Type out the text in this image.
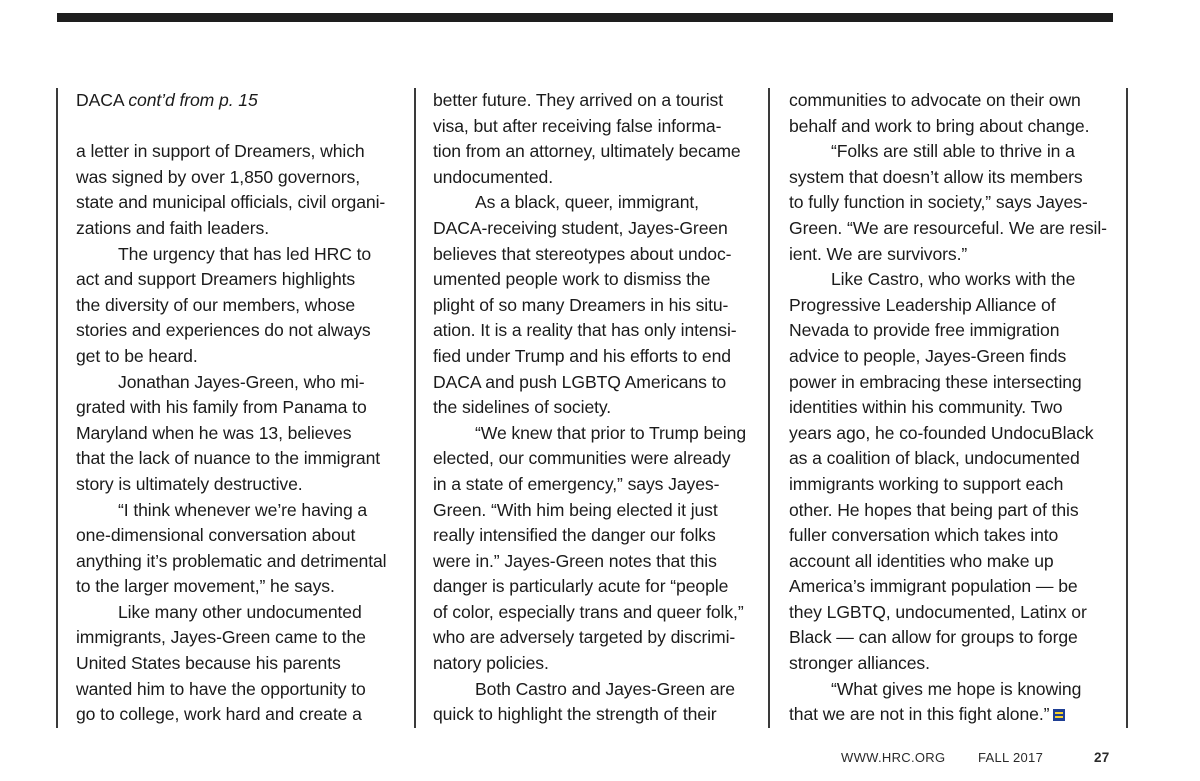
DACA cont’d from p. 15

a letter in support of Dreamers, which
was signed by over 1,850 governors,
state and municipal officials, civil organi-
zations and faith leaders.

The urgency that has led HRC to
act and support Dreamers highlights
the diversity of our members, whose
stories and experiences do not always
get to be heard.

Jonathan Jayes-Green, who mi-
grated with his family from Panama to
Maryland when he was 13, believes
that the lack of nuance to the immigrant
story is ultimately destructive.

“I think whenever we’re having a
one-dimensional conversation about
anything it’s problematic and detrimental
to the larger movement,” he says.

Like many other undocumented
immigrants, Jayes-Green came to the
United States because his parents
wanted him to have the opportunity to
go to college, work hard and create a

better future. They arrived on a tourist
visa, but after receiving false informa-
tion from an attorney, ultimately became
undocumented.

As a black, queer, immigrant,
DACA-receiving student, Jayes-Green
believes that stereotypes about undoc-
umented people work to dismiss the
plight of so many Dreamers in his situ-
ation. It is a reality that has only intensi-
fied under Trump and his efforts to end
DACA and push LGBTQ Americans to
the sidelines of society.

“We knew that prior to Trump being
elected, our communities were already
in a state of emergency,” says Jayes-
Green. “With him being elected it just
really intensified the danger our folks
were in.” Jayes-Green notes that this
danger is particularly acute for “people
of color, especially trans and queer folk,”
who are adversely targeted by discrimi-
natory policies.

Both Castro and Jayes-Green are
quick to highlight the strength of their

communities to advocate on their own
behalf and work to bring about change.

“Folks are still able to thrive in a
system that doesn’t allow its members
to fully function in society,” says Jayes-
Green. “We are resourceful. We are resil-
ient. We are survivors.”

Like Castro, who works with the
Progressive Leadership Alliance of
Nevada to provide free immigration
advice to people, Jayes-Green finds
power in embracing these intersecting
identities within his community. Two
years ago, he co-founded UndocuBlack
as a coalition of black, undocumented
immigrants working to support each
other. He hopes that being part of this
fuller conversation which takes into
account all identities who make up
America’s immigrant population — be
they LGBTQ, undocumented, Latinx or
Black — can allow for groups to forge
stronger alliances.

“What gives me hope is knowing
that we are not in this fight alone.”

WWW.HRC.ORG	FALL 2017	27
